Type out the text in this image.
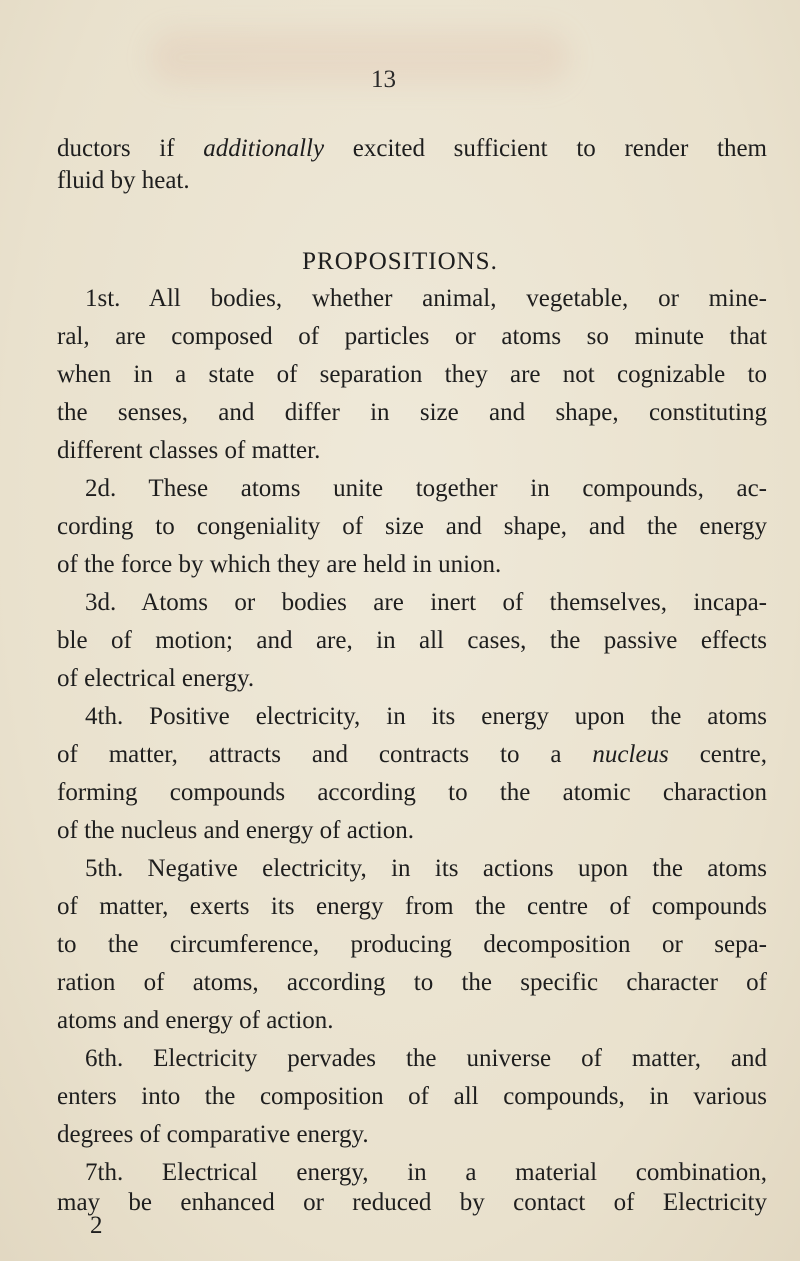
13
ductors if additionally excited sufficient to render them
fluid by heat.
PROPOSITIONS.
1st. All bodies, whether animal, vegetable, or mine-
ral, are composed of particles or atoms so minute that
when in a state of separation they are not cognizable to
the senses, and differ in size and shape, constituting
different classes of matter.
2d. These atoms unite together in compounds, ac-
cording to congeniality of size and shape, and the energy
of the force by which they are held in union.
3d. Atoms or bodies are inert of themselves, incapa-
ble of motion; and are, in all cases, the passive effects
of electrical energy.
4th. Positive electricity, in its energy upon the atoms
of matter, attracts and contracts to a nucleus centre,
forming compounds according to the atomic charaction
of the nucleus and energy of action.
5th. Negative electricity, in its actions upon the atoms
of matter, exerts its energy from the centre of compounds
to the circumference, producing decomposition or sepa-
ration of atoms, according to the specific character of
atoms and energy of action.
6th. Electricity pervades the universe of matter, and
enters into the composition of all compounds, in various
degrees of comparative energy.
7th. Electrical energy, in a material combination,
may be enhanced or reduced by contact of Electricity
2
